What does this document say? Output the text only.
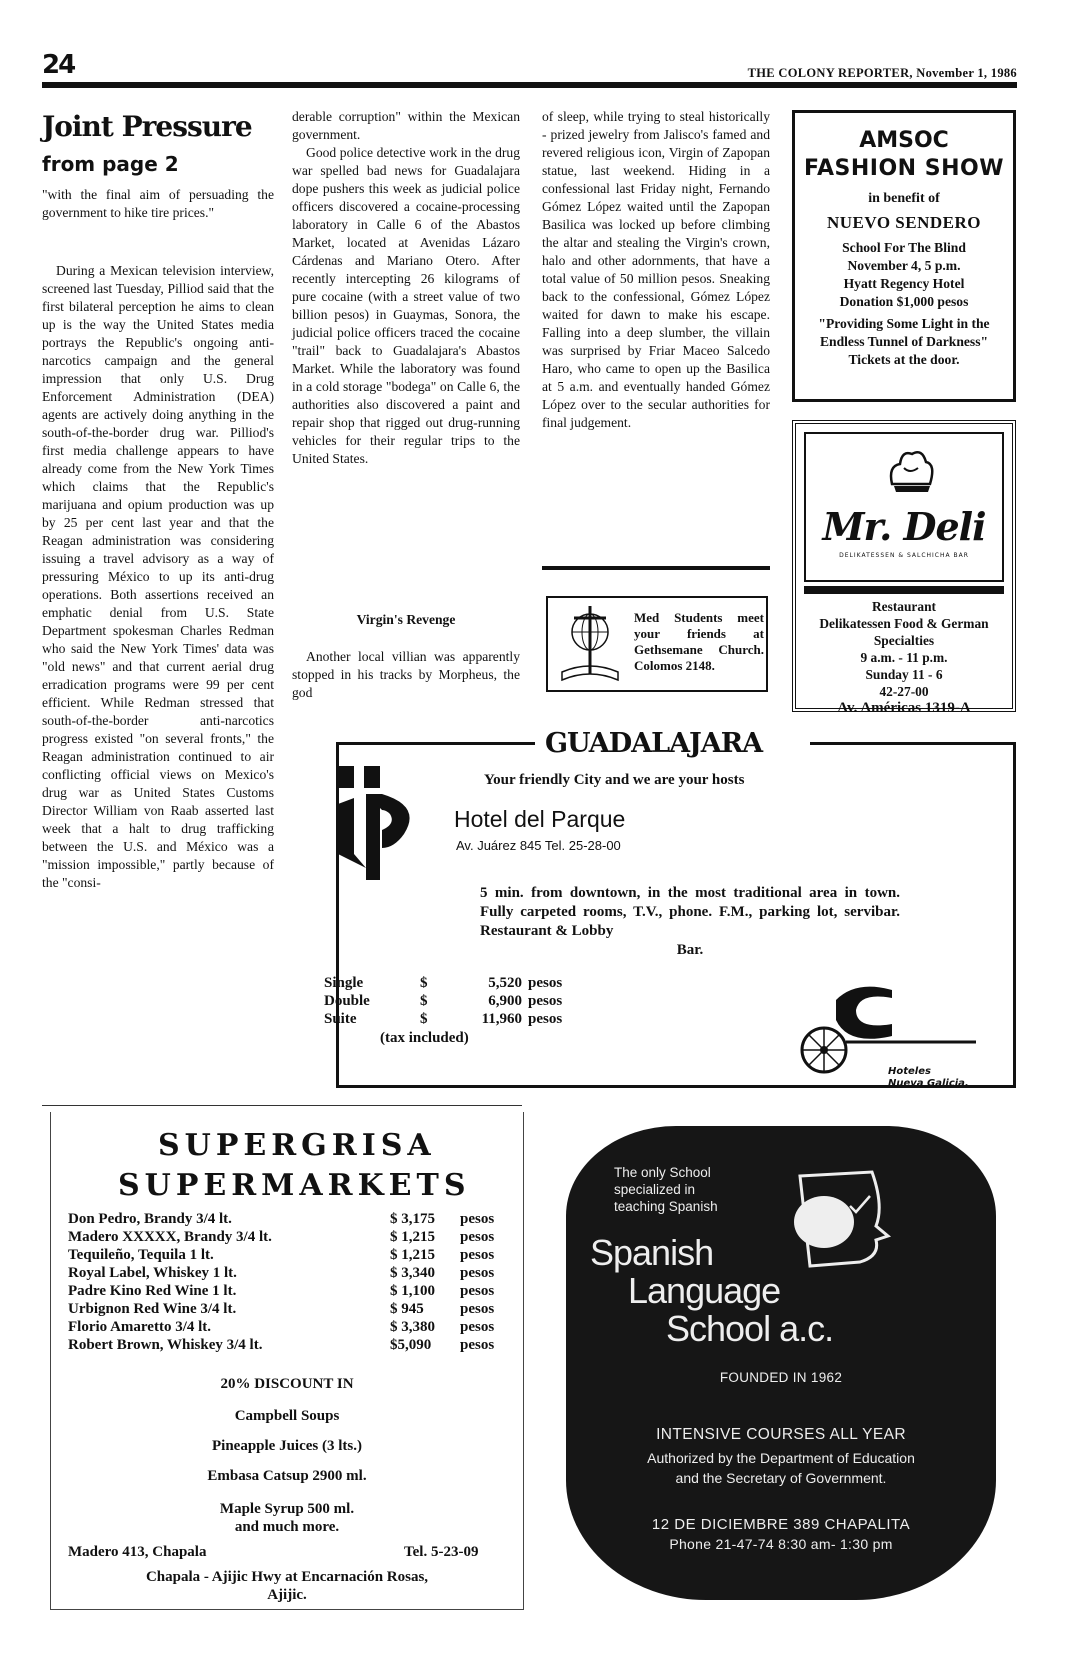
24	THE COLONY REPORTER, November 1, 1986
Joint Pressure
from page 2
"with the final aim of persuading the government to hike tire prices."

During a Mexican television interview, screened last Tuesday, Pilliod said that the first bilateral perception he aims to clean up is the way the United States media portrays the Republic's ongoing anti-narcotics campaign and the general impression that only U.S. Drug Enforcement Administration (DEA) agents are actively doing anything in the south-of-the-border drug war. Pilliod's first media challenge appears to have already come from the New York Times which claims that the Republic's marijuana and opium production was up by 25 per cent last year and that the Reagan administration was considering issuing a travel advisory as a way of pressuring México to up its anti-drug operations. Both assertions received an emphatic denial from U.S. State Department spokesman Charles Redman who said the New York Times' data was "old news" and that current aerial drug erradication programs were 99 per cent efficient. While Redman stressed that south-of-the-border anti-narcotics progress existed "on several fronts," the Reagan administration continued to air conflicting official views on Mexico's drug war as United States Customs Director William von Raab asserted last week that a halt to drug trafficking between the U.S. and México was a "mission impossible," partly because of the "consi-

derable corruption" within the Mexican government.

Good police detective work in the drug war spelled bad news for Guadalajara dope pushers this week as judicial police officers discovered a cocaine-processing laboratory in Calle 6 of the Abastos Market, located at Avenidas Lázaro Cárdenas and Mariano Otero. After recently intercepting 26 kilograms of pure cocaine (with a street value of two billion pesos) in Guaymas, Sonora, the judicial police officers traced the cocaine "trail" back to Guadalajara's Abastos Market. While the laboratory was found in a cold storage "bodega" on Calle 6, the authorities also discovered a paint and repair shop that rigged out drug-running vehicles for their regular trips to the United States.

Virgin's Revenge

Another local villian was apparently stopped in his tracks by Morpheus, the god

of sleep, while trying to steal historically - prized jewelry from Jalisco's famed and revered religious icon, Virgin of Zapopan statue, last weekend. Hiding in a confessional last Friday night, Fernando Gómez López waited until the Zapopan Basilica was locked up before climbing the altar and stealing the Virgin's crown, halo and other adornments, that have a total value of 50 million pesos. Sneaking back to the confessional, Gómez López waited for dawn to make his escape. Falling into a deep slumber, the villain was surprised by Friar Maceo Salcedo Haro, who came to open up the Basilica at 5 a.m. and eventually handed Gómez López over to the secular authorities for final judgement.

AMSOC
FASHION SHOW
in benefit of
NUEVO SENDERO
School For The Blind
November 4, 5 p.m.
Hyatt Regency Hotel
Donation $1,000 pesos
"Providing Some Light in the Endless Tunnel of Darkness"
Tickets at the door.
Mr. Deli
DELIKATESSEN & SALCHICHA BAR
Restaurant
Delikatessen Food & German Specialties
9 a.m. - 11 p.m.
Sunday 11 - 6
42-27-00
Av. Américas 1319-A
Med Students meet your friends at Gethsemane Church. Colomos 2148.
GUADALAJARA
Your friendly City and we are your hosts
Hotel del Parque
Av. Juárez 845 Tel. 25-28-00
5 min. from downtown, in the most traditional area in town. Fully carpeted rooms, T.V., phone. F.M., parking lot, servibar. Restaurant & Lobby
Bar.
Single	$	5,520	pesos
Double	$	6,900	pesos
Suite	$	11,960	pesos
(tax included)
Hoteles
Nueva Galicia.
SUPERGRISA
SUPERMARKETS
Don Pedro, Brandy 3/4 lt.	$ 3,175	pesos
Madero XXXXX, Brandy 3/4 lt.	$ 1,215	pesos
Tequileño, Tequila 1 lt.	$ 1,215	pesos
Royal Label, Whiskey 1 lt.	$ 3,340	pesos
Padre Kino Red Wine 1 lt.	$ 1,100	pesos
Urbignon Red Wine 3/4 lt.	$ 945	pesos
Florio Amaretto 3/4 lt.	$ 3,380	pesos
Robert Brown, Whiskey 3/4 lt.	$5,090	pesos
20% DISCOUNT IN
Campbell Soups
Pineapple Juices (3 lts.)
Embasa Catsup 2900 ml.
Maple Syrup 500 ml.
and much more.
Madero 413, Chapala	Tel. 5-23-09
Chapala - Ajijic Hwy at Encarnación Rosas,
Ajijic.
The only School
specialized in
teaching Spanish
Spanish
Language
School a.c.
FOUNDED IN 1962
INTENSIVE COURSES ALL YEAR
Authorized by the Department of Education
and the Secretary of Government.
12 DE DICIEMBRE 389 CHAPALITA
Phone 21-47-74 8:30 am- 1:30 pm
